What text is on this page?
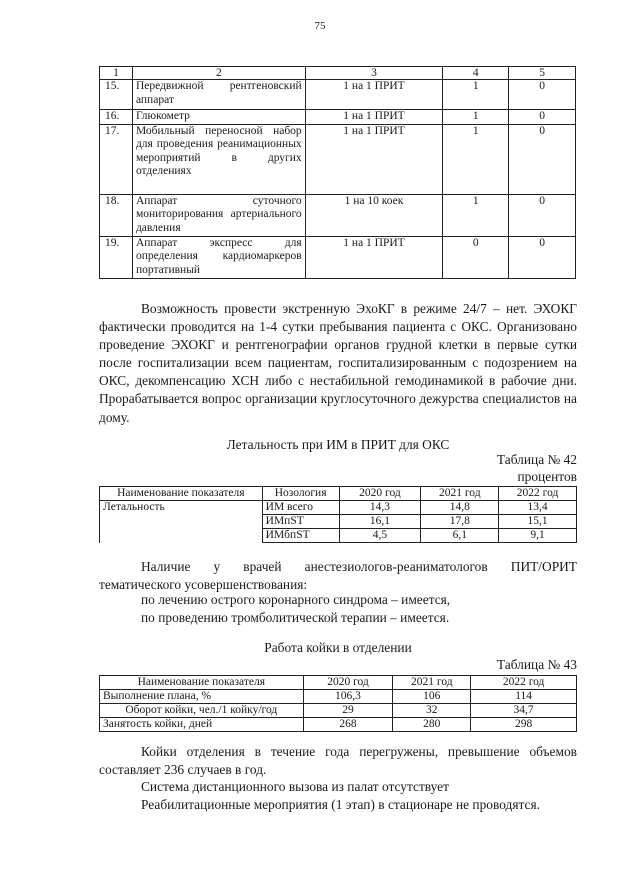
75
1	2	3	4	5
15.	Передвижной рентгеновский аппарат	1 на 1 ПРИТ	1	0
16.	Глюкометр	1 на 1 ПРИТ	1	0
17.	Мобильный переносной набор для проведения реанимационных мероприятий в других отделениях	1 на 1 ПРИТ	1	0
18.	Аппарат суточного мониторирования артериального давления	1 на 10 коек	1	0
19.	Аппарат экспресс для определения кардиомаркеров портативный	1 на 1 ПРИТ	0	0
Возможность провести экстренную ЭхоКГ в режиме 24/7 – нет. ЭХОКГ фактически проводится на 1-4 сутки пребывания пациента с ОКС. Организовано проведение ЭХОКГ и рентгенографии органов грудной клетки в первые сутки после госпитализации всем пациентам, госпитализированным с подозрением на ОКС, декомпенсацию ХСН либо с нестабильной гемодинамикой в рабочие дни. Прорабатывается вопрос организации круглосуточного дежурства специалистов на дому.
Летальность при ИМ в ПРИТ для ОКС
Таблица № 42
процентов
Наименование показателя	Нозология	2020 год	2021 год	2022 год
Летальность	ИМ всего	14,3	14,8	13,4
	ИМпST	16,1	17,8	15,1
	ИМбпST	4,5	6,1	9,1
Наличие у врачей анестезиологов-реаниматологов ПИТ/ОРИТ тематического усовершенствования:
по лечению острого коронарного синдрома – имеется,
по проведению тромболитической терапии – имеется.
Работа койки в отделении
Таблица № 43
Наименование показателя	2020 год	2021 год	2022 год
Выполнение плана, %	106,3	106	114
Оборот койки, чел./1 койку/год	29	32	34,7
Занятость койки, дней	268	280	298
Койки отделения в течение года перегружены, превышение объемов составляет 236 случаев в год.
Система дистанционного вызова из палат отсутствует
Реабилитационные мероприятия (1 этап) в стационаре не проводятся.
